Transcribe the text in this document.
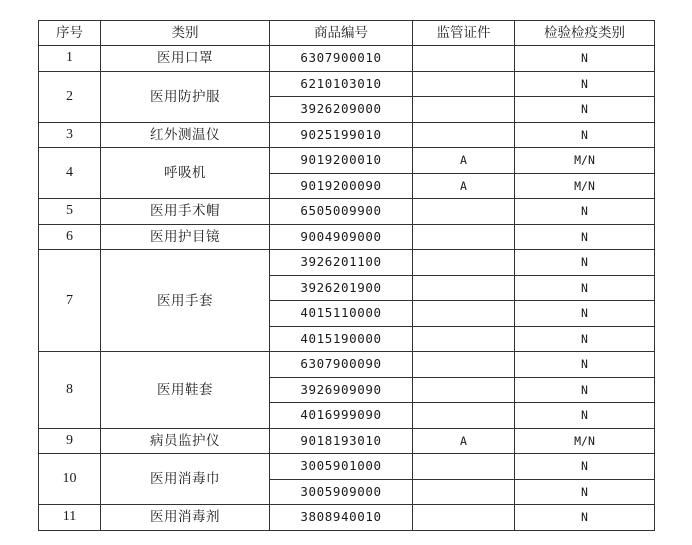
序号	类别	商品编号	监管证件	检验检疫类别
1	医用口罩	6307900010		N
2	医用防护服	6210103010		N
		3926209000		N
3	红外测温仪	9025199010		N
4	呼吸机	9019200010	A	M/N
		9019200090	A	M/N
5	医用手术帽	6505009900		N
6	医用护目镜	9004909000		N
7	医用手套	3926201100		N
		3926201900		N
		4015110000		N
		4015190000		N
8	医用鞋套	6307900090		N
		3926909090		N
		4016999090		N
9	病员监护仪	9018193010	A	M/N
10	医用消毒巾	3005901000		N
		3005909000		N
11	医用消毒剂	3808940010		N
